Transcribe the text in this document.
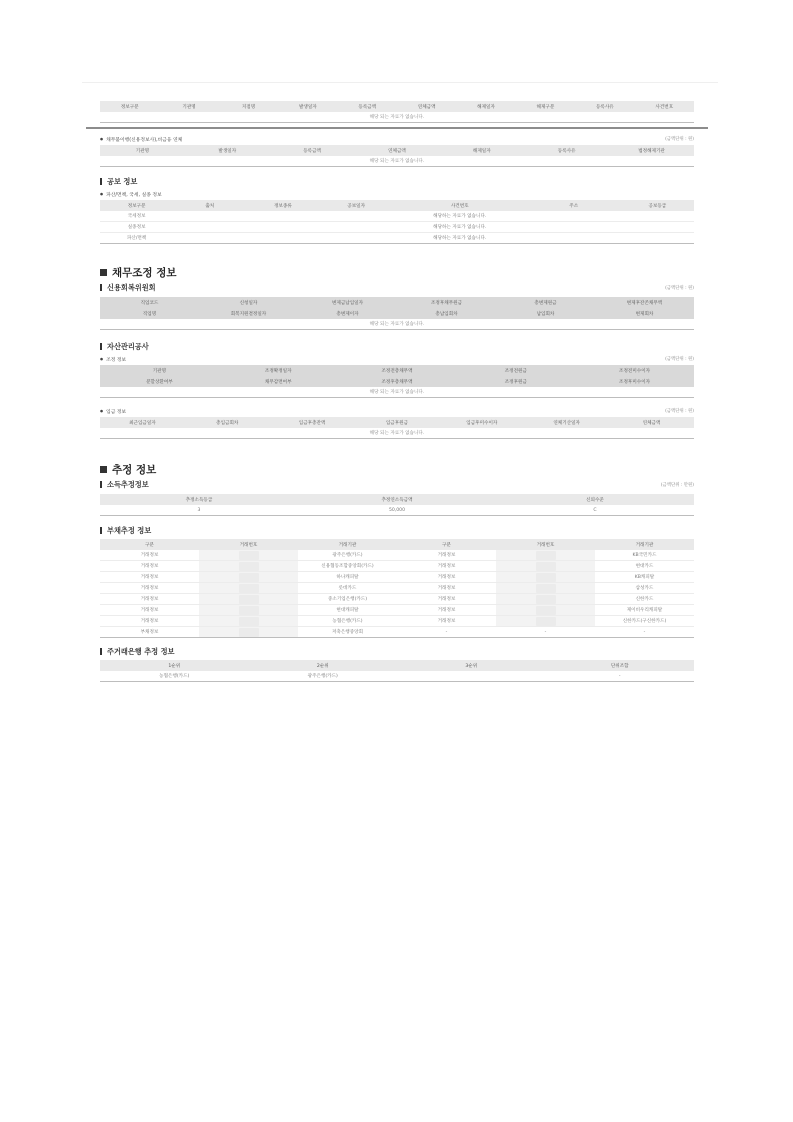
정보구분	기관명	지점명	발생일자	등록금액	연체금액	해제일자	해제구분	등록사유	사건번호
해당 되는 자료가 없습니다.
● 채무불이행(신용정보사),비금융 연체	(금액단위 : 원)
기관명	발생일자	등록금액	연체금액	해제일자	등록사유	법정해제기관
해당 되는 자료가 없습니다.
공보 정보
● 파산/면책, 국세, 실종 정보
정보구분	출처	정보종류	공보일자	사건번호	주소	공보등급
국세정보				해당하는 자료가 없습니다.		
실종정보				해당하는 자료가 없습니다.		
파산/면책				해당하는 자료가 없습니다.		
채무조정 정보
신용회복위원회	(금액단위 : 원)
직업코드	신청일자	변제금납입일자	조정후채무원금	총변제원금	변제후잔존채무액
직업명	회복지원결정일자	총변제이자	총납입회차	납입회차	변제회차
해당 되는 자료가 없습니다.					
자산관리공사
● 조정 정보	(금액단위 : 원)
기관명	조정확정일자	조정전총채무액	조정전원금	조정전미수이자
분할상환여부	채무감면여부	조정후총채무액	조정후원금	조정후미수이자
해당 되는 자료가 없습니다.				
● 입금 정보	(금액단위 : 원)
최근입금일자	총입금회차	입금후총잔액	입금후원금	입금후미수이자	연체기산일자	연체금액
해당 되는 자료가 없습니다.
추정 정보
소득추정정보	(금액단위 : 만원)
추정소득등급	추정연소득금액	신뢰수준
3	50,000	C
부채추정 정보
구분	거래번호	거래기관	구분	거래번호	거래기관
거래정보		광주은행(카드)	거래정보		KB국민카드
거래정보		신용협동조합중앙회(카드)	거래정보		현대카드
거래정보		하나캐피탈	거래정보		KB캐피탈
거래정보		롯데카드	거래정보		삼성카드
거래정보		중소기업은행(카드)	거래정보		신한카드
거래정보		현대캐피탈	거래정보		제이비우리캐피탈
거래정보		농협은행(카드)	거래정보		신한카드(구신한카드)
부채정보		저축은행중앙회	-	-	-
주거래은행 추정 정보
1순위	2순위	3순위	단위조합
농협은행(카드)	광주은행(카드)		-
